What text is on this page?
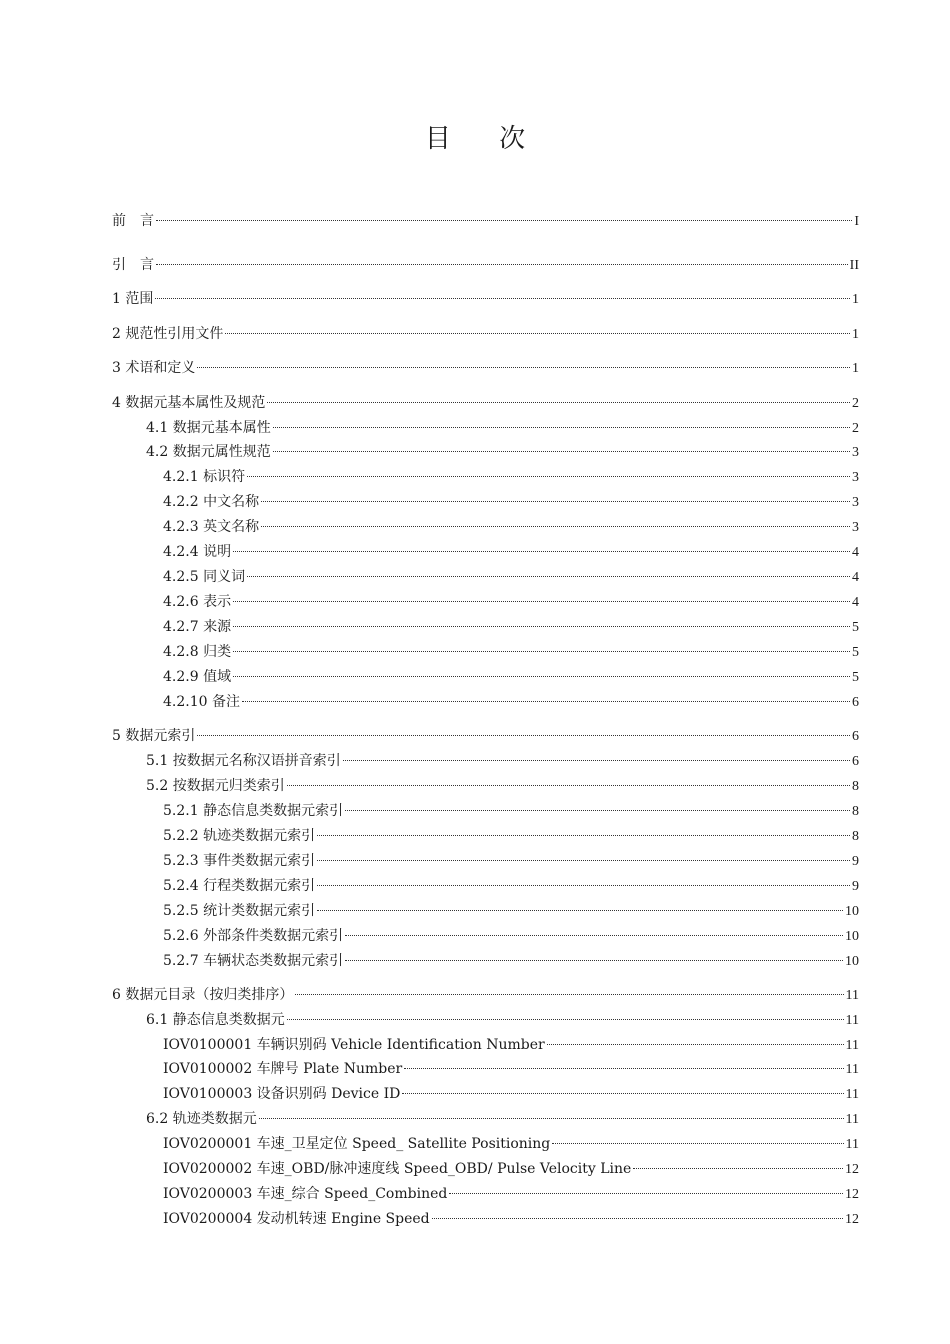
目 次
前　言	I
引　言	II
1 范围	1
2 规范性引用文件	1
3 术语和定义	1
4 数据元基本属性及规范	2
4.1 数据元基本属性	2
4.2 数据元属性规范	3
4.2.1 标识符	3
4.2.2 中文名称	3
4.2.3 英文名称	3
4.2.4 说明	4
4.2.5 同义词	4
4.2.6 表示	4
4.2.7 来源	5
4.2.8 归类	5
4.2.9 值域	5
4.2.10 备注	6
5 数据元索引	6
5.1 按数据元名称汉语拼音索引	6
5.2 按数据元归类索引	8
5.2.1 静态信息类数据元索引	8
5.2.2 轨迹类数据元索引	8
5.2.3 事件类数据元索引	9
5.2.4 行程类数据元索引	9
5.2.5 统计类数据元索引	10
5.2.6 外部条件类数据元索引	10
5.2.7 车辆状态类数据元索引	10
6 数据元目录（按归类排序）	11
6.1 静态信息类数据元	11
IOV0100001 车辆识别码 Vehicle Identification Number	11
IOV0100002 车牌号 Plate Number	11
IOV0100003 设备识别码 Device ID	11
6.2 轨迹类数据元	11
IOV0200001 车速_卫星定位 Speed_ Satellite Positioning	11
IOV0200002 车速_OBD/脉冲速度线 Speed_OBD/ Pulse Velocity Line	12
IOV0200003 车速_综合 Speed_Combined	12
IOV0200004 发动机转速 Engine Speed	12
